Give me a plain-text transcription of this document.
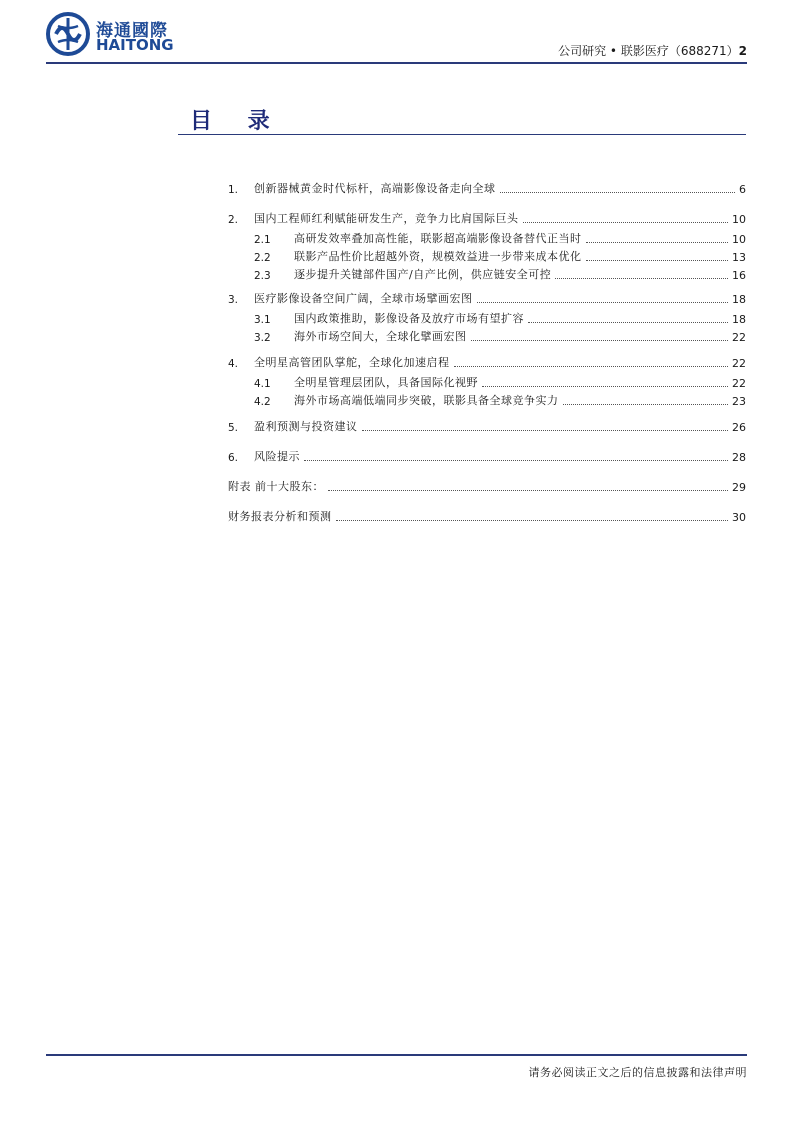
海通國際
HAITONG	公司研究 • 联影医疗（688271）2
目 录
1.	创新器械黄金时代标杆，高端影像设备走向全球	6
2.	国内工程师红利赋能研发生产，竞争力比肩国际巨头	10
2.1	高研发效率叠加高性能，联影超高端影像设备替代正当时	10
2.2	联影产品性价比超越外资，规模效益进一步带来成本优化	13
2.3	逐步提升关键部件国产/自产比例，供应链安全可控	16
3.	医疗影像设备空间广阔，全球市场擘画宏图	18
3.1	国内政策推助，影像设备及放疗市场有望扩容	18
3.2	海外市场空间大，全球化擘画宏图	22
4.	全明星高管团队掌舵，全球化加速启程	22
4.1	全明星管理层团队，具备国际化视野	22
4.2	海外市场高端低端同步突破，联影具备全球竞争实力	23
5.	盈利预测与投资建议	26
6.	风险提示	28
附表 前十大股东：	29
财务报表分析和预测	30
请务必阅读正文之后的信息披露和法律声明
